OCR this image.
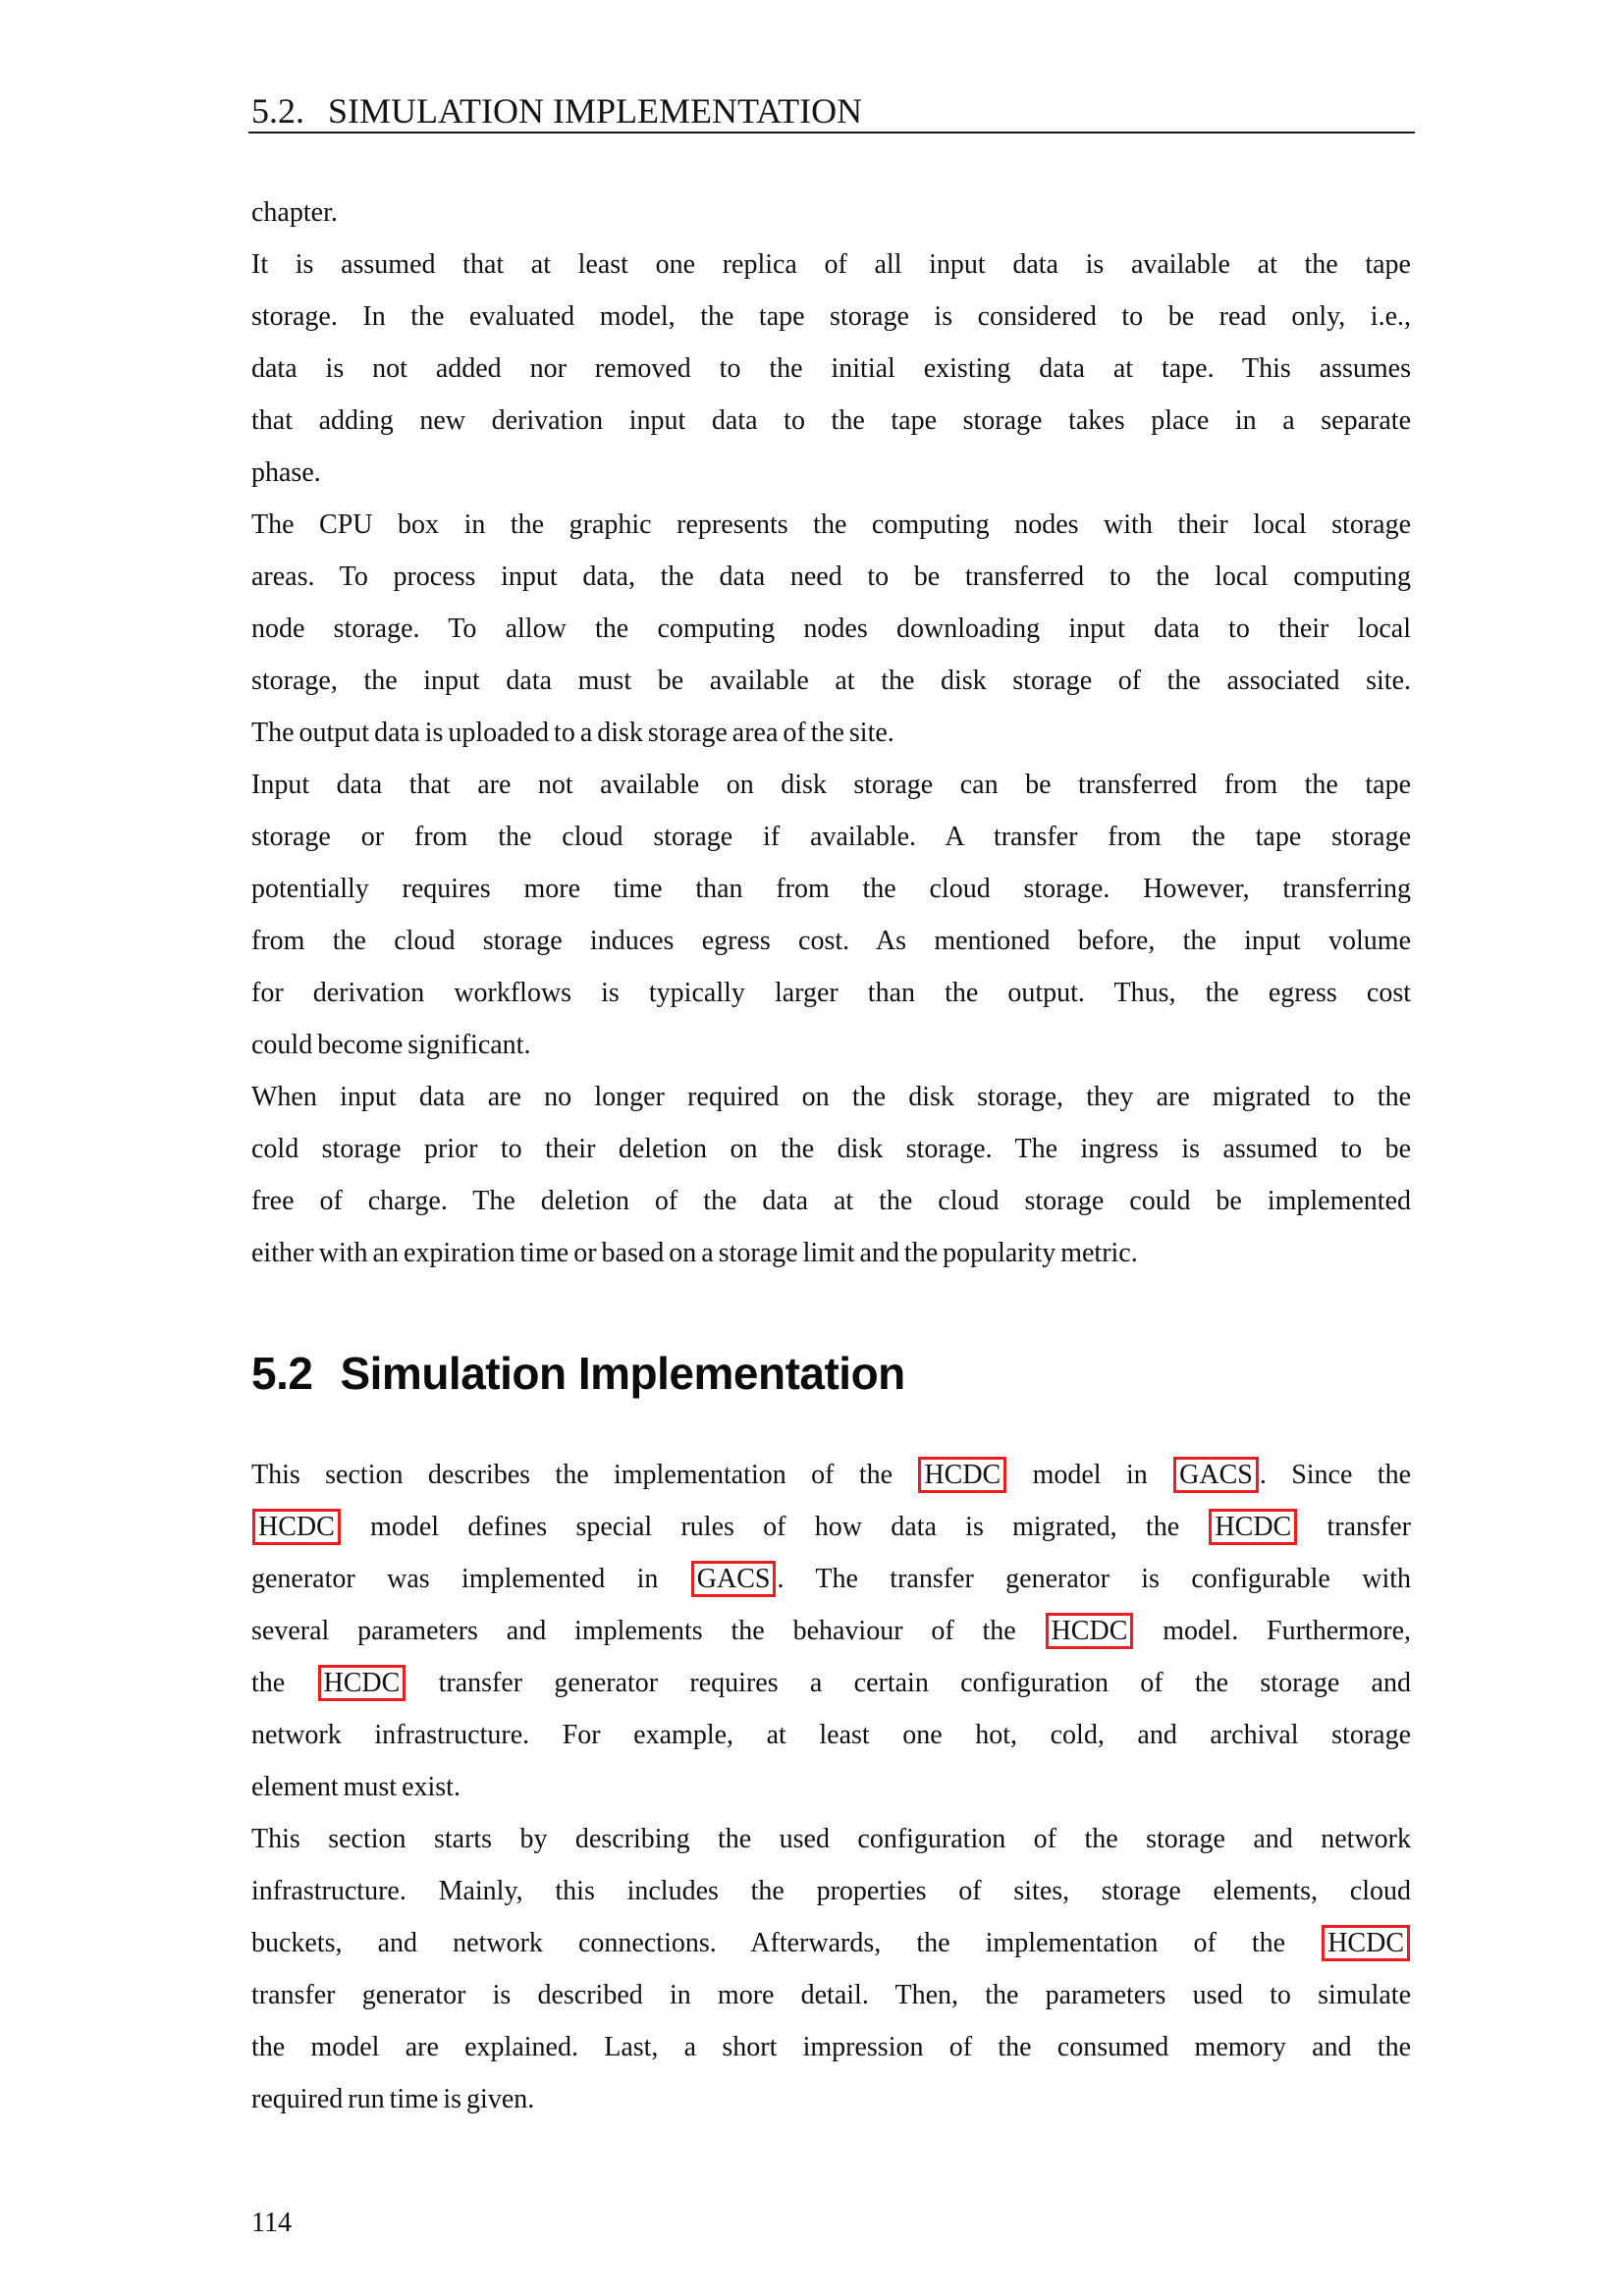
5.2. SIMULATION IMPLEMENTATION
chapter.
It is assumed that at least one replica of all input data is available at the tape
storage. In the evaluated model, the tape storage is considered to be read only, i.e.,
data is not added nor removed to the initial existing data at tape. This assumes
that adding new derivation input data to the tape storage takes place in a separate
phase.
The CPU box in the graphic represents the computing nodes with their local storage
areas. To process input data, the data need to be transferred to the local computing
node storage. To allow the computing nodes downloading input data to their local
storage, the input data must be available at the disk storage of the associated site.
The output data is uploaded to a disk storage area of the site.
Input data that are not available on disk storage can be transferred from the tape
storage or from the cloud storage if available. A transfer from the tape storage
potentially requires more time than from the cloud storage. However, transferring
from the cloud storage induces egress cost. As mentioned before, the input volume
for derivation workflows is typically larger than the output. Thus, the egress cost
could become significant.
When input data are no longer required on the disk storage, they are migrated to the
cold storage prior to their deletion on the disk storage. The ingress is assumed to be
free of charge. The deletion of the data at the cloud storage could be implemented
either with an expiration time or based on a storage limit and the popularity metric.
5.2 Simulation Implementation
This section describes the implementation of the HCDC model in GACS . Since the
HCDC model defines special rules of how data is migrated, the HCDC transfer
generator was implemented in GACS . The transfer generator is configurable with
several parameters and implements the behaviour of the HCDC model. Furthermore,
the HCDC transfer generator requires a certain configuration of the storage and
network infrastructure. For example, at least one hot, cold, and archival storage
element must exist.
This section starts by describing the used configuration of the storage and network
infrastructure. Mainly, this includes the properties of sites, storage elements, cloud
buckets, and network connections. Afterwards, the implementation of the HCDC
transfer generator is described in more detail. Then, the parameters used to simulate
the model are explained. Last, a short impression of the consumed memory and the
required run time is given.
114
